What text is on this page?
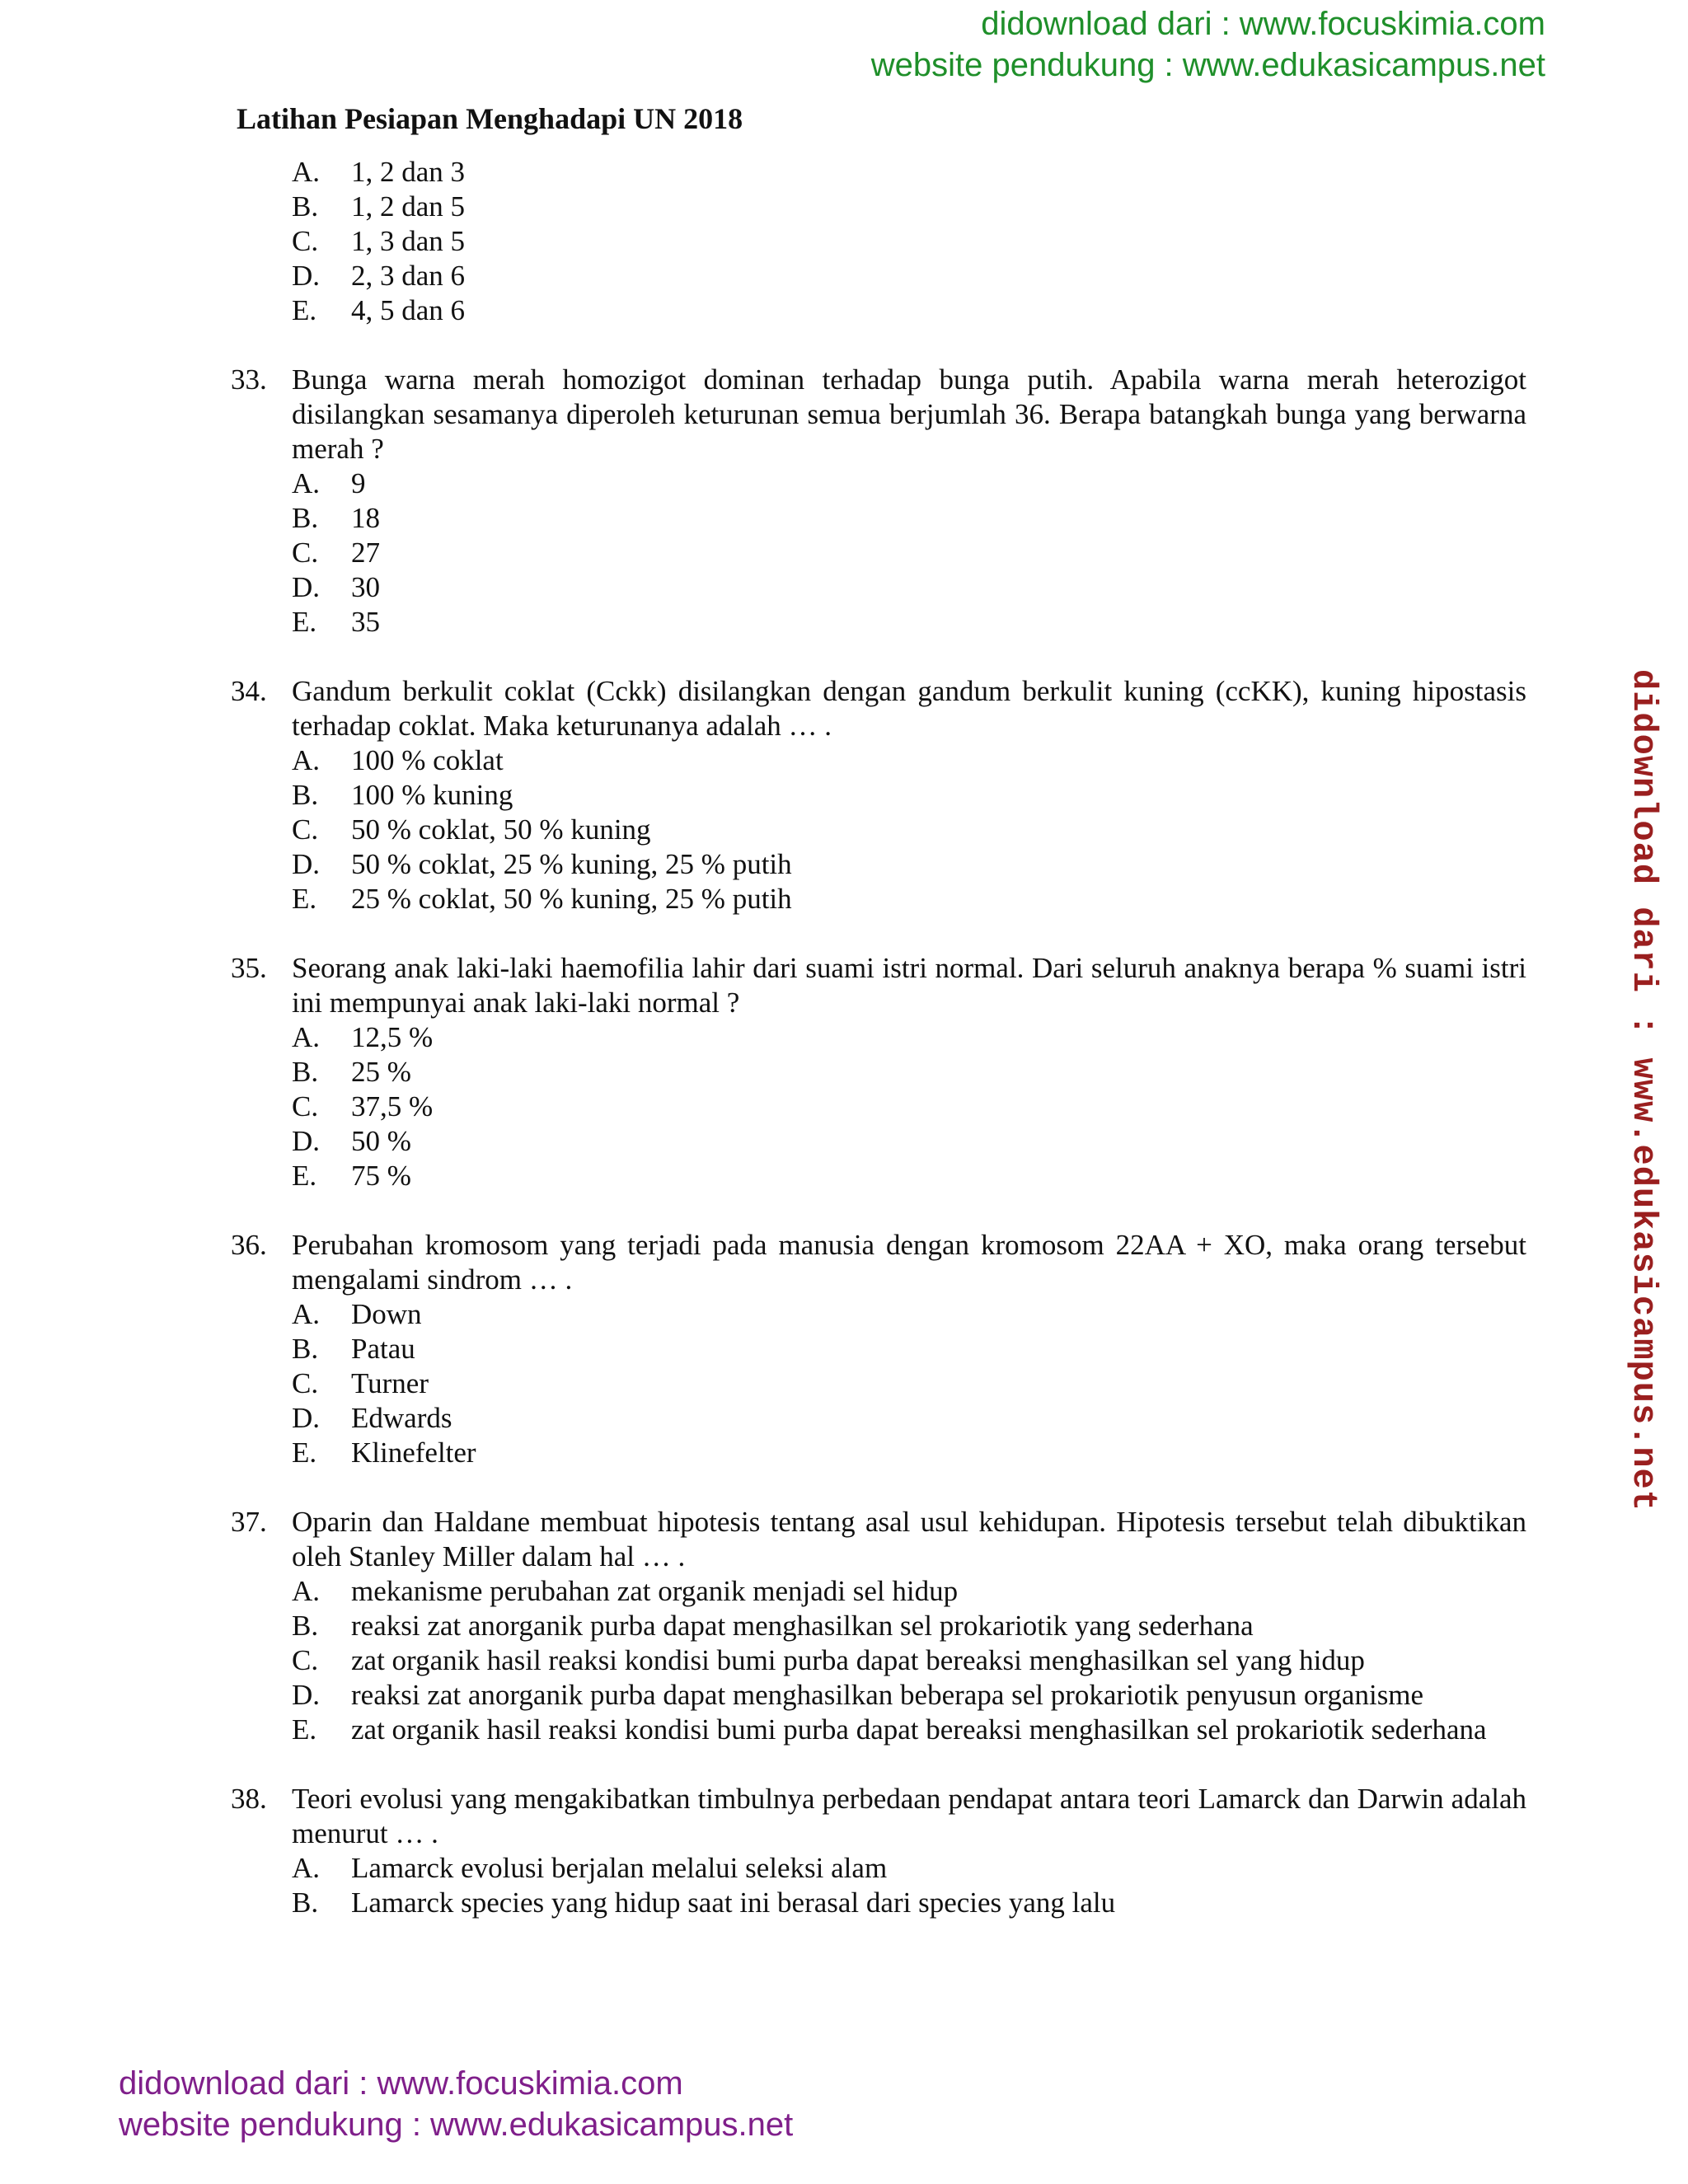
didownload dari : www.focuskimia.com
website pendukung : www.edukasicampus.net
didownload dari : www.edukasicampus.net
Latihan Pesiapan Menghadapi UN 2018
A.	1, 2 dan 3
B.	1, 2 dan 5
C.	1, 3 dan 5
D.	2, 3 dan 6
E.	4, 5 dan 6
33. Bunga warna merah homozigot dominan terhadap bunga putih. Apabila warna merah heterozigot disilangkan sesamanya diperoleh keturunan semua berjumlah 36. Berapa batangkah bunga yang berwarna merah ?
A.	9
B.	18
C.	27
D.	30
E.	35
34. Gandum berkulit coklat (Cckk) disilangkan dengan gandum berkulit kuning (ccKK), kuning hipostasis terhadap coklat. Maka keturunanya adalah … .
A.	100 % coklat
B.	100 % kuning
C.	50 % coklat, 50 % kuning
D.	50 % coklat, 25 % kuning, 25 % putih
E.	25 % coklat, 50 % kuning, 25 % putih
35. Seorang anak laki-laki haemofilia lahir dari suami istri normal. Dari seluruh anaknya berapa % suami istri ini mempunyai anak laki-laki normal ?
A.	12,5 %
B.	25 %
C.	37,5 %
D.	50 %
E.	75 %
36. Perubahan kromosom yang terjadi pada manusia dengan kromosom 22AA + XO, maka orang tersebut mengalami sindrom … .
A.	Down
B.	Patau
C.	Turner
D.	Edwards
E.	Klinefelter
37. Oparin dan Haldane membuat hipotesis tentang asal usul kehidupan. Hipotesis tersebut telah dibuktikan oleh Stanley Miller dalam hal … .
A.	mekanisme perubahan zat organik menjadi sel hidup
B.	reaksi zat anorganik purba dapat menghasilkan sel prokariotik yang sederhana
C.	zat organik hasil reaksi kondisi bumi purba dapat bereaksi menghasilkan sel yang hidup
D.	reaksi zat anorganik purba dapat menghasilkan beberapa sel prokariotik penyusun organisme
E.	zat organik hasil reaksi kondisi bumi purba dapat bereaksi menghasilkan sel prokariotik sederhana
38. Teori evolusi yang mengakibatkan timbulnya perbedaan pendapat antara teori Lamarck dan Darwin adalah menurut … .
A.	Lamarck evolusi berjalan melalui seleksi alam
B.	Lamarck species yang hidup saat ini berasal dari species yang lalu
didownload dari : www.focuskimia.com
website pendukung : www.edukasicampus.net
